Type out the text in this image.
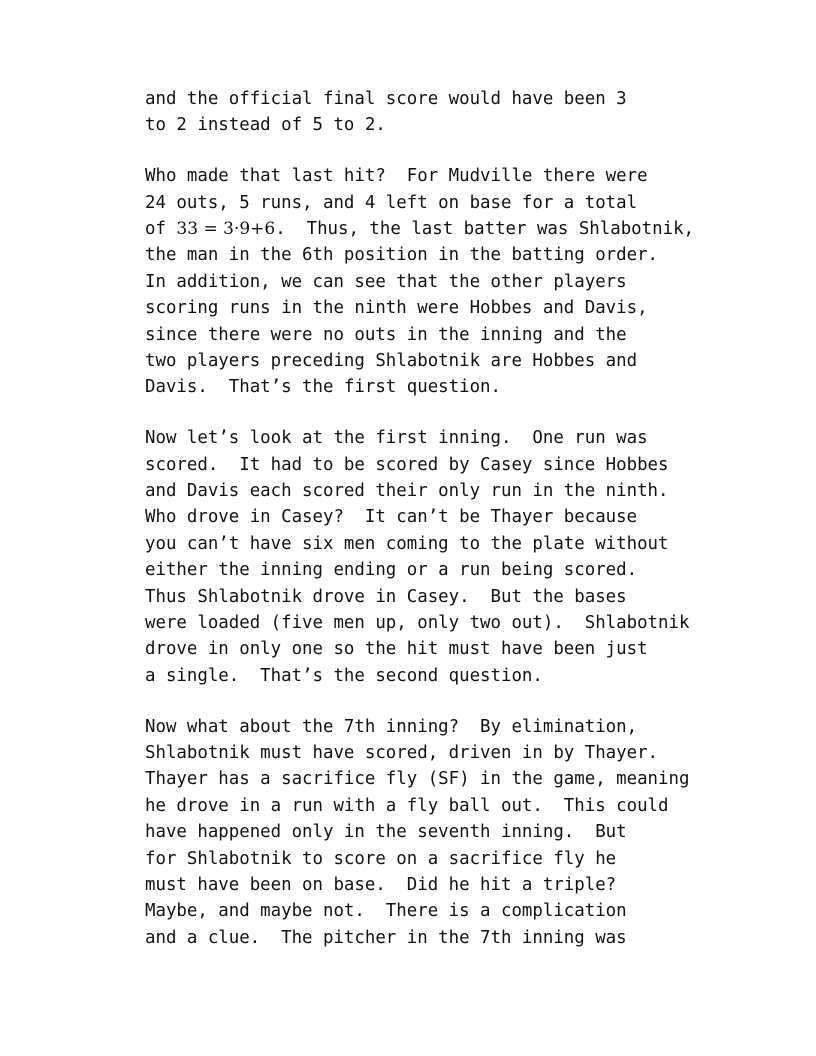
and the official final score would have been 3
to 2 instead of 5 to 2.

Who made that last hit?  For Mudville there were
24 outs, 5 runs, and 4 left on base for a total
of 33 = 3·9+6.  Thus, the last batter was Shlabotnik,
the man in the 6th position in the batting order.
In addition, we can see that the other players
scoring runs in the ninth were Hobbes and Davis,
since there were no outs in the inning and the
two players preceding Shlabotnik are Hobbes and
Davis.  That’s the first question.

Now let’s look at the first inning.  One run was
scored.  It had to be scored by Casey since Hobbes
and Davis each scored their only run in the ninth.
Who drove in Casey?  It can’t be Thayer because
you can’t have six men coming to the plate without
either the inning ending or a run being scored.
Thus Shlabotnik drove in Casey.  But the bases
were loaded (five men up, only two out).  Shlabotnik
drove in only one so the hit must have been just
a single.  That’s the second question.

Now what about the 7th inning?  By elimination,
Shlabotnik must have scored, driven in by Thayer.
Thayer has a sacrifice fly (SF) in the game, meaning
he drove in a run with a fly ball out.  This could
have happened only in the seventh inning.  But
for Shlabotnik to score on a sacrifice fly he
must have been on base.  Did he hit a triple?
Maybe, and maybe not.  There is a complication
and a clue.  The pitcher in the 7th inning was
